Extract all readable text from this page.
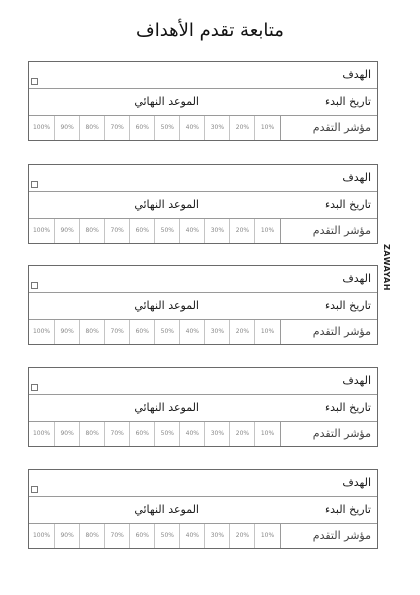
متابعة تقدم الأهداف
ZAWAYAH
الهدف
تاريخ البدء
الموعد النهائي
مؤشر التقدم
10%
20%
30%
40%
50%
60%
70%
80%
90%
100%
الهدف
تاريخ البدء
الموعد النهائي
مؤشر التقدم
10%
20%
30%
40%
50%
60%
70%
80%
90%
100%
الهدف
تاريخ البدء
الموعد النهائي
مؤشر التقدم
10%
20%
30%
40%
50%
60%
70%
80%
90%
100%
الهدف
تاريخ البدء
الموعد النهائي
مؤشر التقدم
10%
20%
30%
40%
50%
60%
70%
80%
90%
100%
الهدف
تاريخ البدء
الموعد النهائي
مؤشر التقدم
10%
20%
30%
40%
50%
60%
70%
80%
90%
100%
